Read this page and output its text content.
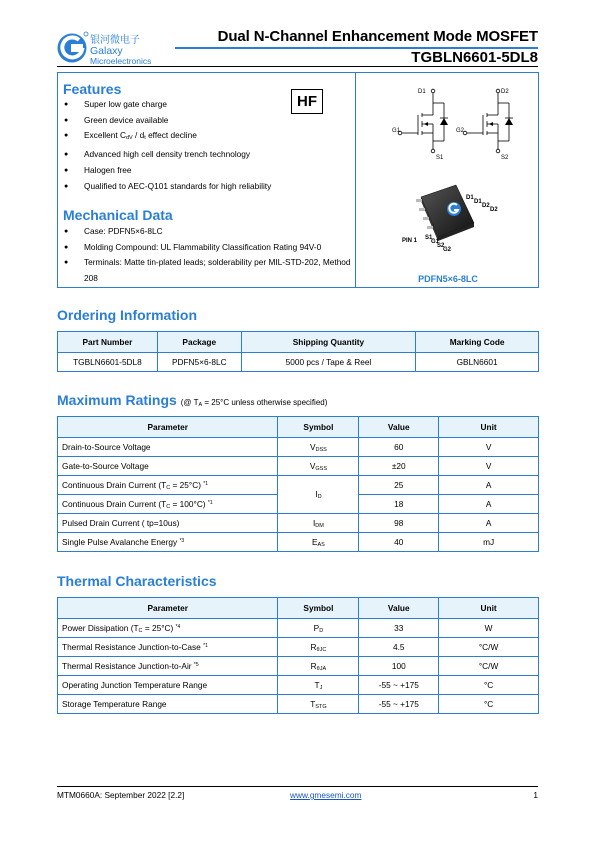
银河微电子
Galaxy
Microelectronics
Dual N-Channel Enhancement Mode MOSFET
TGBLN6601-5DL8
Features
● Super low gate charge
● Green device available
● Excellent $C_{dV} / d_t$ effect decline
● Advanced high cell density trench technology
● Halogen free
● Qualified to AEC-Q101 standards for high reliability
HF
Mechanical Data
● Case: PDFN5×6-8LC
● Molding Compound: UL Flammability Classification Rating 94V-0
● Terminals: Matte tin-plated leads; solderability per MIL-STD-202, Method 208
D1
G1
S1
D2
G2
S2
PIN 1
D1
D1
D2
D2
S1
G1
S2
G2
PDFN5×6-8LC
Ordering Information
Part Number	Package	Shipping Quantity	Marking Code
TGBLN6601-5DL8	PDFN5×6-8LC	5000 pcs / Tape & Reel	GBLN6601
Maximum Ratings (@ $T_A = 25^\circ C$ unless otherwise specified)
Parameter	Symbol	Value	Unit
Drain-to-Source Voltage	$V_{DSS}$	60	V
Gate-to-Source Voltage	$V_{GSS}$	±20	V
Continuous Drain Current $(T_C = 25^\circ C)$ $^{*1}$	$I_D$	25	A
Continuous Drain Current $(T_C = 100^\circ C)$ $^{*1}$		18	A
Pulsed Drain Current ( tp=10us)	$I_{DM}$	98	A
Single Pulse Avalanche Energy $^{*3}$	$E_{AS}$	40	mJ
Thermal Characteristics
Parameter	Symbol	Value	Unit
Power Dissipation $(T_C = 25^\circ C)$ $^{*4}$	$P_D$	33	W
Thermal Resistance Junction-to-Case $^{*1}$	$R_{\theta JC}$	4.5	°C/W
Thermal Resistance Junction-to-Air $^{*5}$	$R_{\theta JA}$	100	°C/W
Operating Junction Temperature Range	$T_J$	-55 ~ +175	°C
Storage Temperature Range	$T_{STG}$	-55 ~ +175	°C
MTM0660A: September 2022 [2.2]	www.gmesemi.com	1
